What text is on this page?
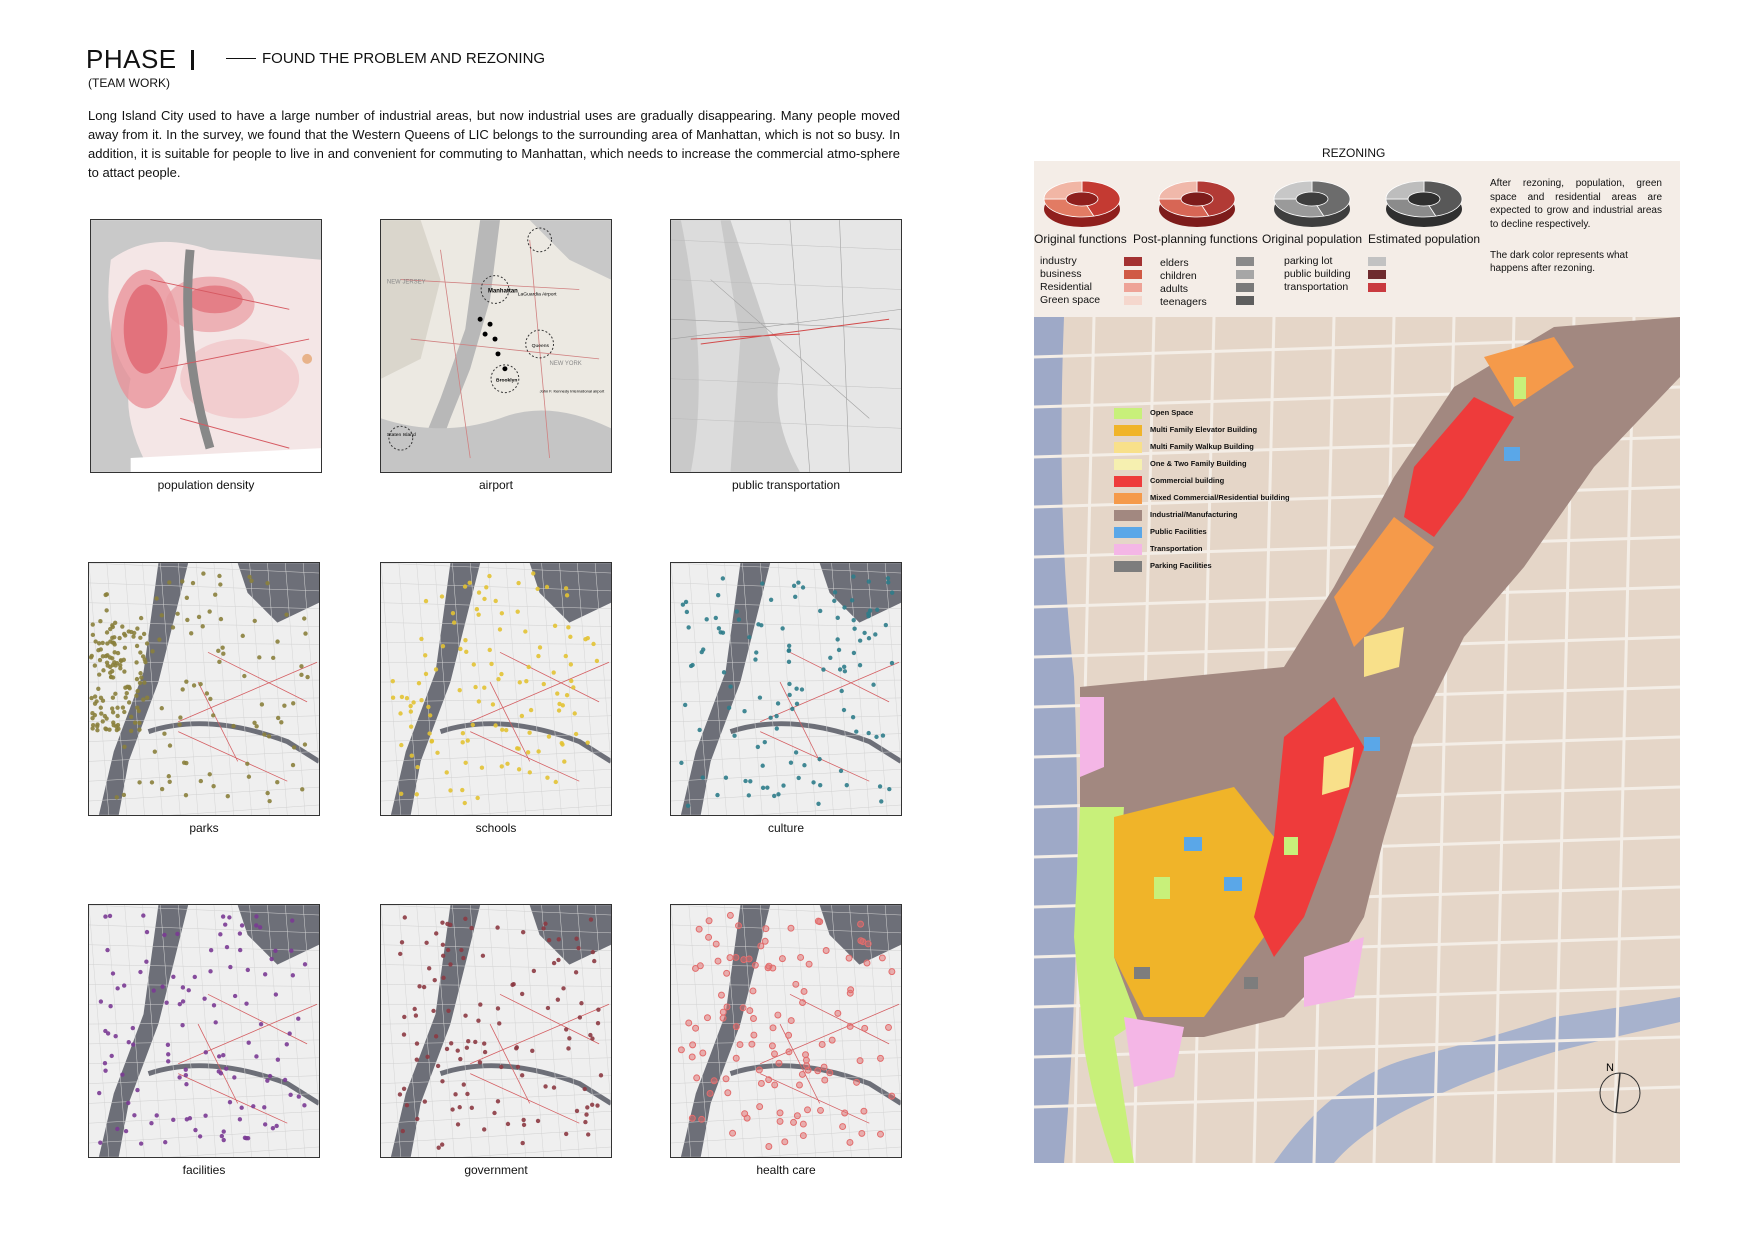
PHASE	FOUND THE PROBLEM AND REZONING
(TEAM WORK)
Long Island City used to have a large number of industrial areas, but now industrial uses are gradually disappearing. Many people moved away from it. In the survey, we found that the Western Queens of LIC belongs to the surrounding area of Manhattan, which is not so busy. In addition, it is suitable for people to live in and convenient for commuting to Manhattan, which needs to increase the commercial atmo-sphere to attact people.
population density
Manhattan
LaGuardia Airport
NEW JERSEY
NEW YORK
Queens
Brooklyn
Staten Island
John F. Kennedy International airport
airport	public transportation
parks	schools	culture
facilities	government	health care
REZONING
Original functions Post-planning functions Original population Estimated population
industry
business
Residential
Green space
elders
children
adults
teenagers
parking lot
public building
transportation
After rezoning, population, green space and residential areas are expected to grow and industrial areas to decline respectively.
The dark color represents what happens after rezoning.
N
Open Space
Multi Family Elevator Building
Multi Family Walkup Building
One & Two Family Building
Commercial building
Mixed Commercial/Residential building
Industrial/Manufacturing
Public Facilities
Transportation
Parking Facilities
